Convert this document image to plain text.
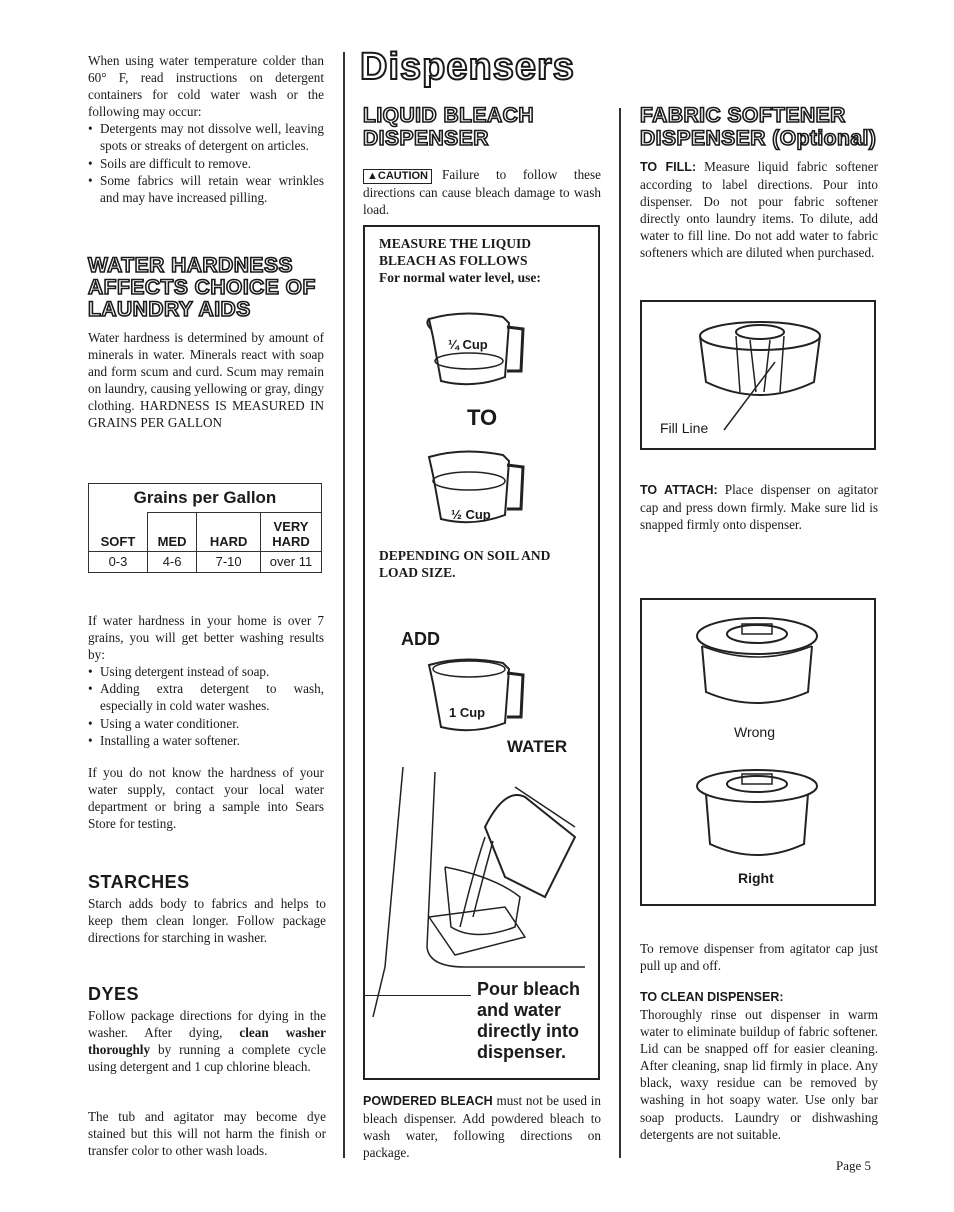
When using water temperature colder than 60° F, read instructions on detergent containers for cold water wash or the following may occur:
• Detergents may not dissolve well, leaving spots or streaks of detergent on articles.
• Soils are difficult to remove.
• Some fabrics will retain wear wrinkles and may have increased pilling.
WATER HARDNESS AFFECTS CHOICE OF LAUNDRY AIDS
Water hardness is determined by amount of minerals in water. Minerals react with soap and form scum and curd. Scum may remain on laundry, causing yellowing or gray, dingy clothing. HARDNESS IS MEASURED IN GRAINS PER GALLON
Grains per Gallon			
SOFT	MED	HARD	VERY HARD
0-3	4-6	7-10	over 11
If water hardness in your home is over 7 grains, you will get better washing results by:
• Using detergent instead of soap.
• Adding extra detergent to wash, especially in cold water washes.
• Using a water conditioner.
• Installing a water softener.
If you do not know the hardness of your water supply, contact your local water department or bring a sample into Sears Store for testing.
STARCHES
Starch adds body to fabrics and helps to keep them clean longer. Follow package directions for starching in washer.
DYES
Follow package directions for dying in the washer. After dying, clean washer thoroughly by running a complete cycle using detergent and 1 cup chlorine bleach.
The tub and agitator may become dye stained but this will not harm the finish or transfer color to other wash loads.
Dispensers
LIQUID BLEACH
DISPENSER
▲CAUTION Failure to follow these directions can cause bleach damage to wash load.
MEASURE THE LIQUID
BLEACH AS FOLLOWS
For normal water level, use:
¼ Cup
TO
½ Cup
DEPENDING ON SOIL AND LOAD SIZE.
ADD
1 Cup
WATER
Pour bleach
and water
directly into
dispenser.
POWDERED BLEACH must not be used in bleach dispenser. Add powdered bleach to wash water, following directions on package.
FABRIC SOFTENER
DISPENSER (Optional)
TO FILL: Measure liquid fabric softener according to label directions. Pour into dispenser. Do not pour fabric softener directly onto laundry items. To dilute, add water to fill line. Do not add water to fabric softeners which are diluted when purchased.
Fill Line
TO ATTACH: Place dispenser on agitator cap and press down firmly. Make sure lid is snapped firmly onto dispenser.
Wrong
Right
To remove dispenser from agitator cap just pull up and off.
TO CLEAN DISPENSER:
Thoroughly rinse out dispenser in warm water to eliminate buildup of fabric softener. Lid can be snapped off for easier cleaning. After cleaning, snap lid firmly in place. Any black, waxy residue can be removed by washing in hot soapy water. Use only bar soap products. Laundry or dishwashing detergents are not suitable.
Page 5
